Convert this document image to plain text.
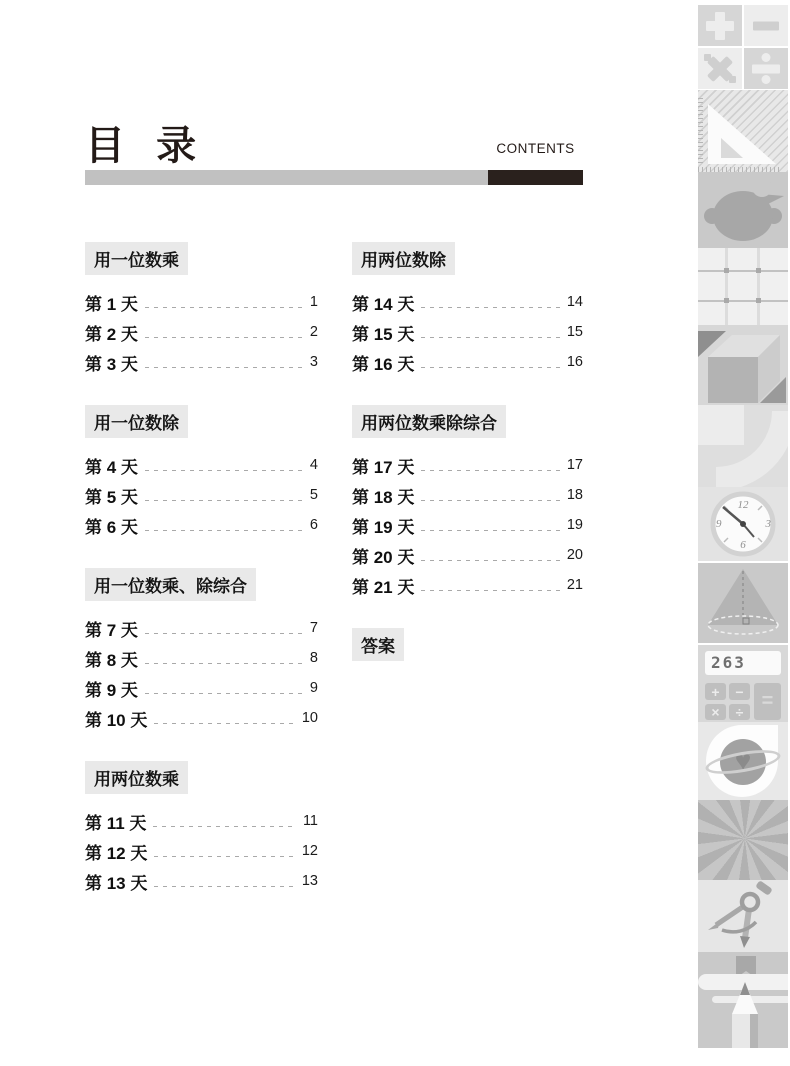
目 录	CONTENTS
用一位数乘
第 1 天	1
第 2 天	2
第 3 天	3
用一位数除
第 4 天	4
第 5 天	5
第 6 天	6
用一位数乘、除综合
第 7 天	7
第 8 天	8
第 9 天	9
第 10 天	10
用两位数乘
第 11 天	11
第 12 天	12
第 13 天	13
用两位数除
第 14 天	14
第 15 天	15
第 16 天	16
用两位数乘除综合
第 17 天	17
第 18 天	18
第 19 天	19
第 20 天	20
第 21 天	21
答案
12
3
6
9
263
+	−
×	÷ =
♥
